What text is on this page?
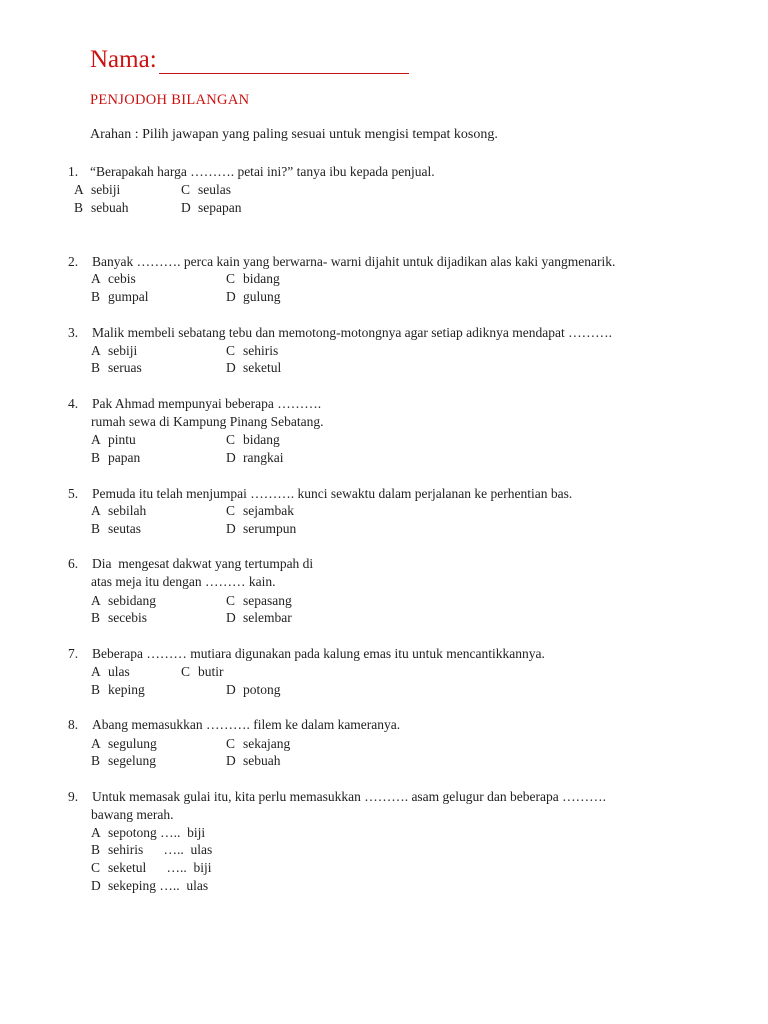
Nama:
PENJODOH BILANGAN
Arahan : Pilih jawapan yang paling sesuai untuk mengisi tempat kosong.
1. “Berapakah harga ………. petai ini?” tanya ibu kepada penjual.
A sebiji	C seulas
B sebuah	D sepapan
2. Banyak ………. perca kain yang berwarna- warni dijahit untuk dijadikan alas kaki yangmenarik.
A cebis	C bidang
B gumpal	D gulung
3. Malik membeli sebatang tebu dan memotong-motongnya agar setiap adiknya mendapat ……….
A sebiji	C sehiris
B seruas	D seketul
4. Pak Ahmad mempunyai beberapa ……….
rumah sewa di Kampung Pinang Sebatang.
A pintu	C bidang
B papan	D rangkai
5. Pemuda itu telah menjumpai ………. kunci sewaktu dalam perjalanan ke perhentian bas.
A sebilah	C sejambak
B seutas	D serumpun
6. Dia  mengesat dakwat yang tertumpah di
atas meja itu dengan ……… kain.
A sebidang	C sepasang
B secebis	D selembar
7. Beberapa ……… mutiara digunakan pada kalung emas itu untuk mencantikkannya.
A ulas	C butir
B keping	D potong
8. Abang memasukkan ………. filem ke dalam kameranya.
A segulung	C sekajang
B segelung	D sebuah
9. Untuk memasak gulai itu, kita perlu memasukkan ………. asam gelugur dan beberapa ……….
bawang merah.
A sepotong …..  biji
B sehiris      …..  ulas
C seketul      …..  biji
D sekeping …..  ulas
